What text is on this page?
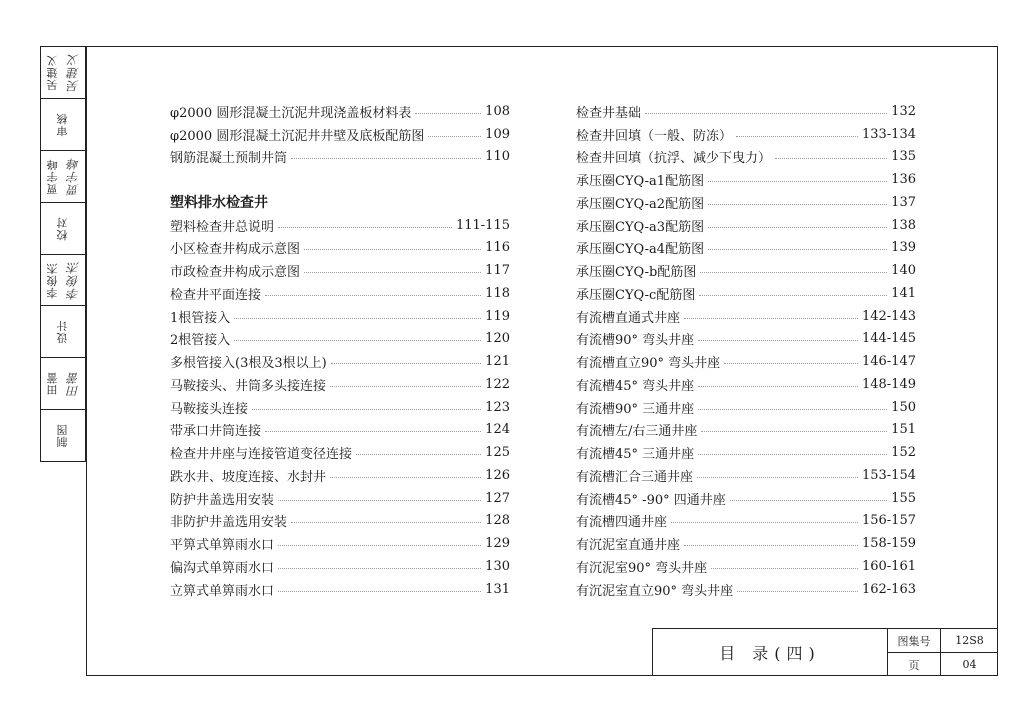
吴建义 吴建义
审核
贾宇峰 贾宇峰
校对
李俊杰 李俊杰
设计
田蕾 田蕾
制图
φ2000 圆形混凝土沉泥井现浇盖板材料表	108
φ2000 圆形混凝土沉泥井井壁及底板配筋图	109
钢筋混凝土预制井筒	110
塑料排水检查井
塑料检查井总说明	111-115
小区检查井构成示意图	116
市政检查井构成示意图	117
检查井平面连接	118
1根管接入	119
2根管接入	120
多根管接入(3根及3根以上)	121
马鞍接头、井筒多头接连接	122
马鞍接头连接	123
带承口井筒连接	124
检查井井座与连接管道变径连接	125
跌水井、坡度连接、水封井	126
防护井盖选用安装	127
非防护井盖选用安装	128
平箅式单箅雨水口	129
偏沟式单箅雨水口	130
立箅式单箅雨水口	131
检查井基础	132
检查井回填（一般、防冻）	133-134
检查井回填（抗浮、减少下曳力）	135
承压圈CYQ-a1配筋图	136
承压圈CYQ-a2配筋图	137
承压圈CYQ-a3配筋图	138
承压圈CYQ-a4配筋图	139
承压圈CYQ-b配筋图	140
承压圈CYQ-c配筋图	141
有流槽直通式井座	142-143
有流槽90° 弯头井座	144-145
有流槽直立90° 弯头井座	146-147
有流槽45° 弯头井座	148-149
有流槽90° 三通井座	150
有流槽左/右三通井座	151
有流槽45° 三通井座	152
有流槽汇合三通井座	153-154
有流槽45° -90° 四通井座	155
有流槽四通井座	156-157
有沉泥室直通井座	158-159
有沉泥室90° 弯头井座	160-161
有沉泥室直立90° 弯头井座	162-163
目 录(四)
图集号	12S8
页	04
